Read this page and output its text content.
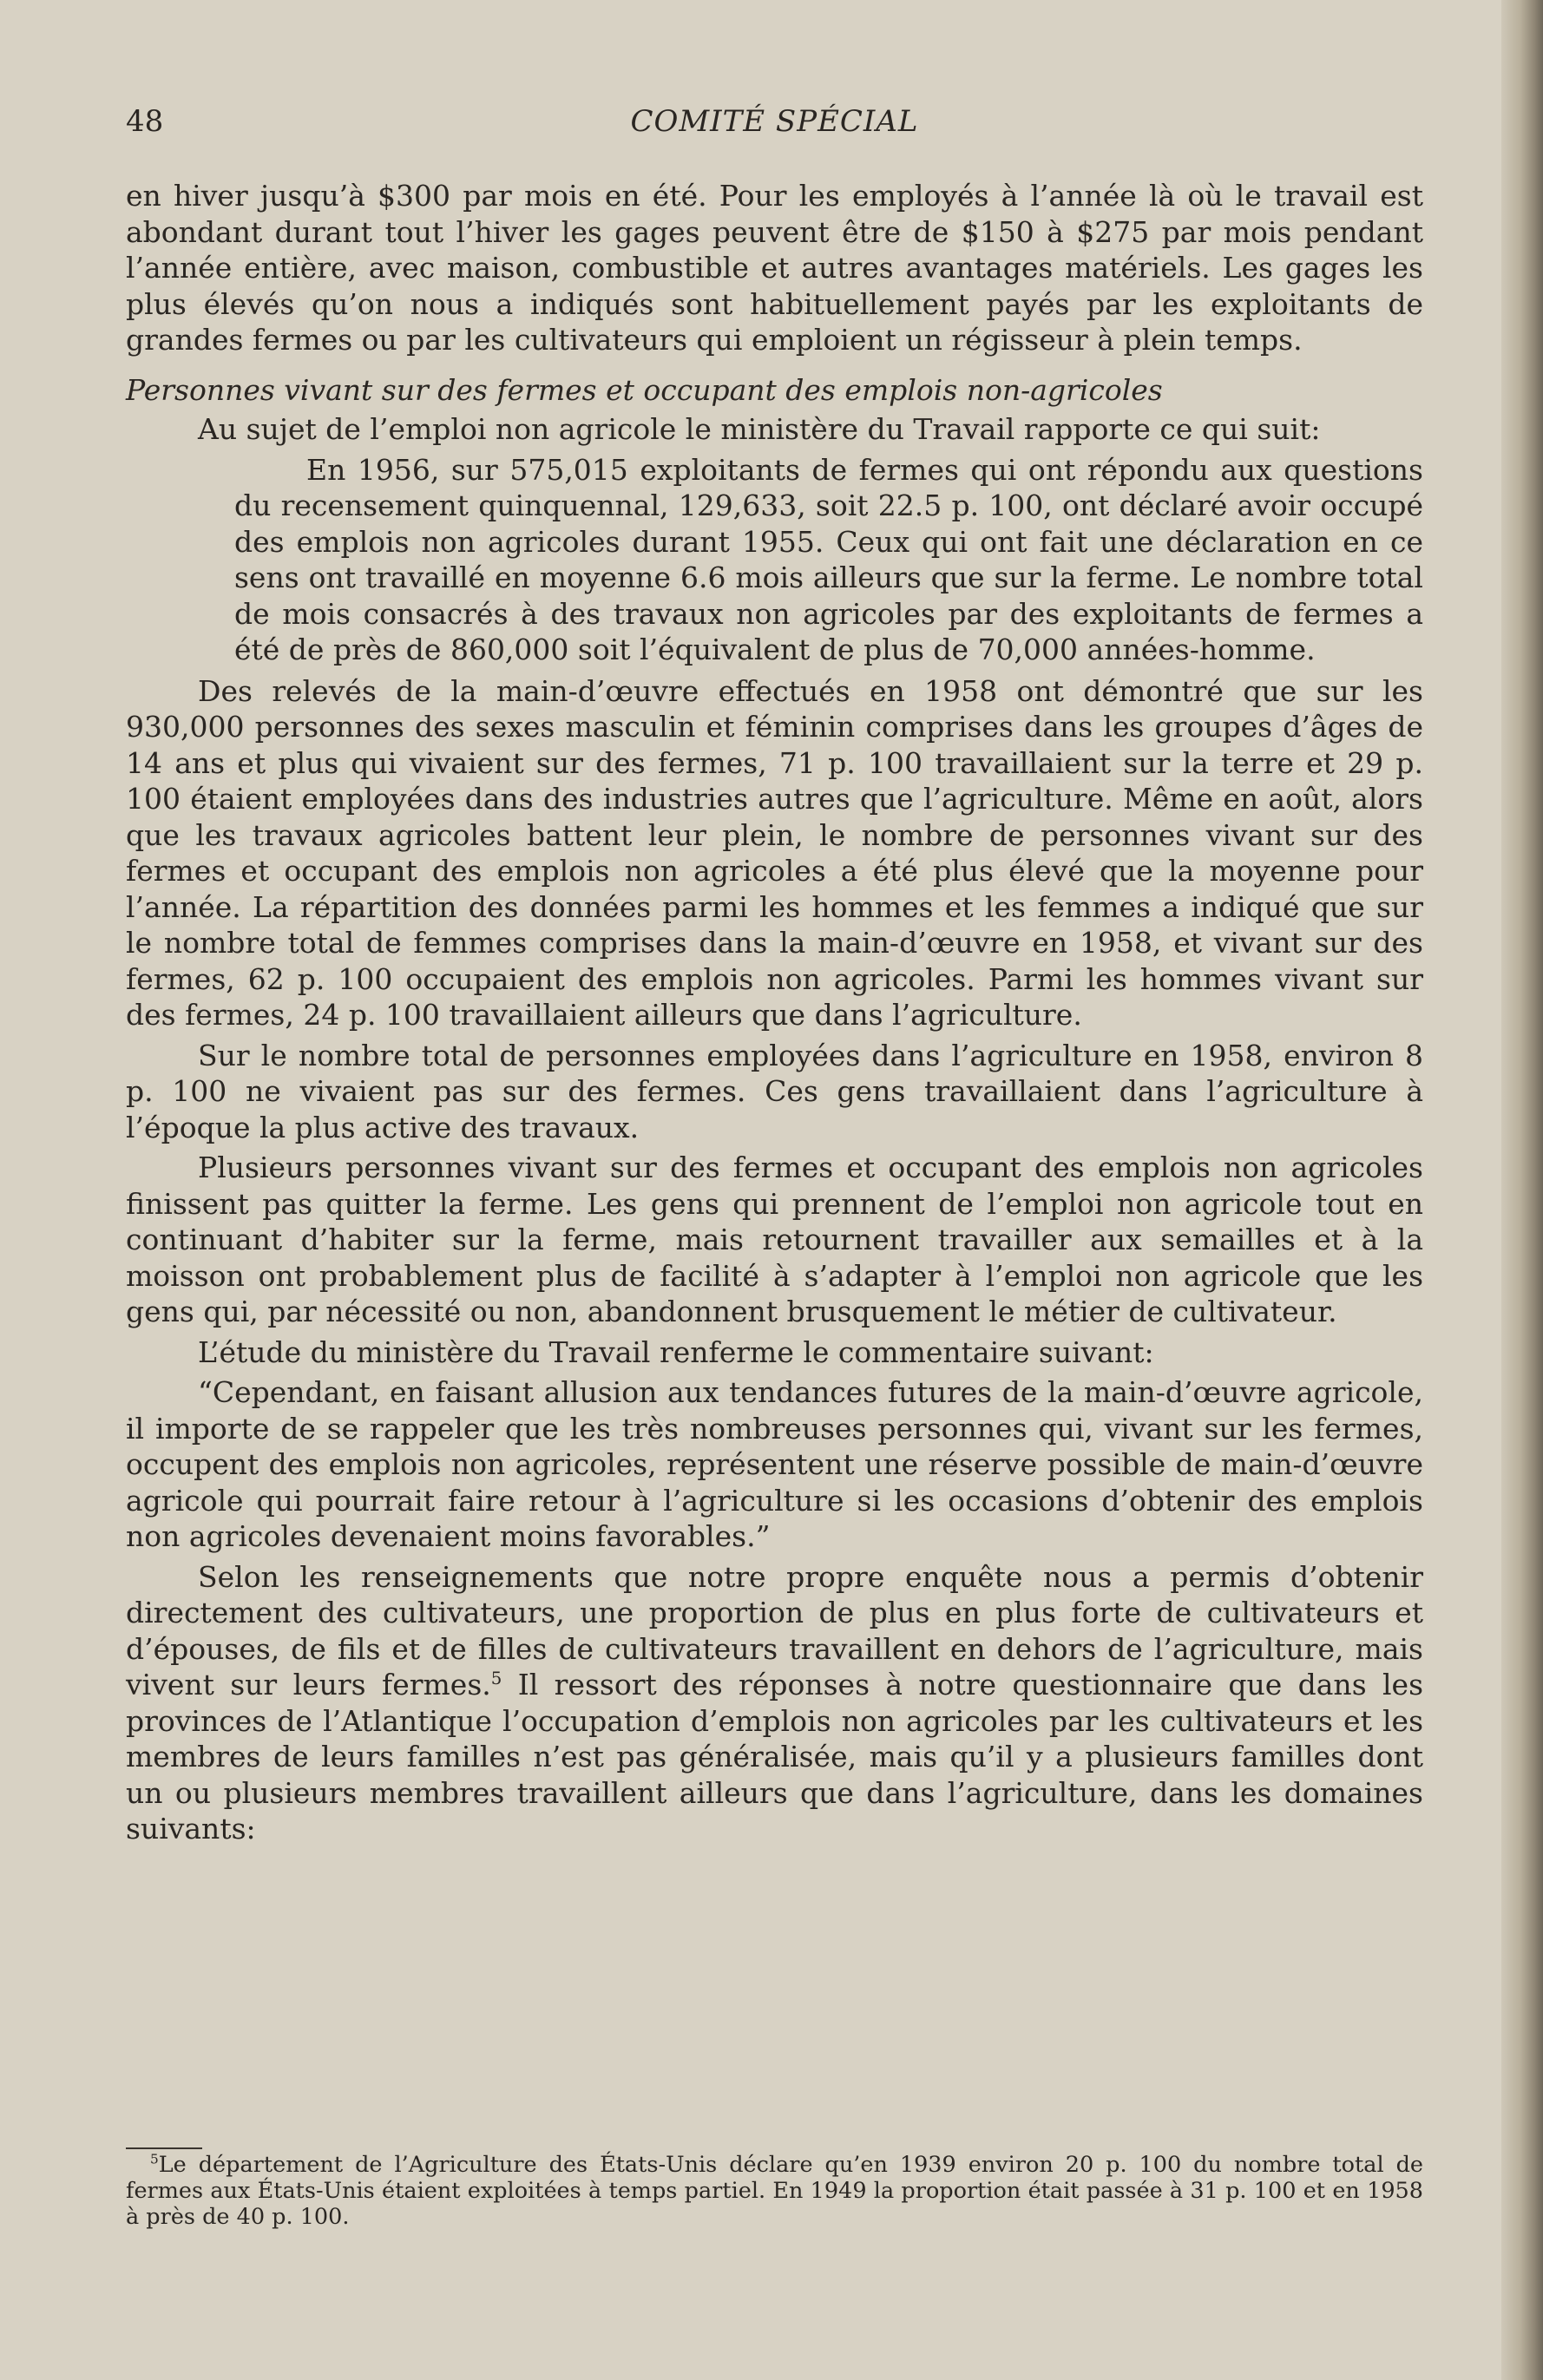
48	COMITÉ SPÉCIAL

en hiver jusqu’à $300 par mois en été. Pour les employés à l’année là où le travail est abondant durant tout l’hiver les gages peuvent être de $150 à $275 par mois pendant l’année entière, avec maison, combustible et autres avantages matériels. Les gages les plus élevés qu’on nous a indiqués sont habituellement payés par les exploitants de grandes fermes ou par les cultivateurs qui emploient un régisseur à plein temps.

Personnes vivant sur des fermes et occupant des emplois non-agricoles

Au sujet de l’emploi non agricole le ministère du Travail rapporte ce qui suit:

En 1956, sur 575,015 exploitants de fermes qui ont répondu aux questions du recensement quinquennal, 129,633, soit 22.5 p. 100, ont déclaré avoir occupé des emplois non agricoles durant 1955. Ceux qui ont fait une déclaration en ce sens ont travaillé en moyenne 6.6 mois ailleurs que sur la ferme. Le nombre total de mois consacrés à des travaux non agricoles par des exploitants de fermes a été de près de 860,000 soit l’équivalent de plus de 70,000 années-homme.

Des relevés de la main-d’œuvre effectués en 1958 ont démontré que sur les 930,000 personnes des sexes masculin et féminin comprises dans les groupes d’âges de 14 ans et plus qui vivaient sur des fermes, 71 p. 100 travaillaient sur la terre et 29 p. 100 étaient employées dans des industries autres que l’agriculture. Même en août, alors que les travaux agricoles battent leur plein, le nombre de personnes vivant sur des fermes et occupant des emplois non agricoles a été plus élevé que la moyenne pour l’année. La répartition des données parmi les hommes et les femmes a indiqué que sur le nombre total de femmes comprises dans la main-d’œuvre en 1958, et vivant sur des fermes, 62 p. 100 occupaient des emplois non agricoles. Parmi les hommes vivant sur des fermes, 24 p. 100 travaillaient ailleurs que dans l’agriculture.

Sur le nombre total de personnes employées dans l’agriculture en 1958, environ 8 p. 100 ne vivaient pas sur des fermes. Ces gens travaillaient dans l’agriculture à l’époque la plus active des travaux.

Plusieurs personnes vivant sur des fermes et occupant des emplois non agricoles finissent pas quitter la ferme. Les gens qui prennent de l’emploi non agricole tout en continuant d’habiter sur la ferme, mais retournent travailler aux semailles et à la moisson ont probablement plus de facilité à s’adapter à l’emploi non agricole que les gens qui, par nécessité ou non, abandonnent brusquement le métier de cultivateur.

L’étude du ministère du Travail renferme le commentaire suivant:

“Cependant, en faisant allusion aux tendances futures de la main-d’œuvre agricole, il importe de se rappeler que les très nombreuses personnes qui, vivant sur les fermes, occupent des emplois non agricoles, représentent une réserve possible de main-d’œuvre agricole qui pourrait faire retour à l’agriculture si les occasions d’obtenir des emplois non agricoles devenaient moins favorables.”

Selon les renseignements que notre propre enquête nous a permis d’obtenir directement des cultivateurs, une proportion de plus en plus forte de cultivateurs et d’épouses, de fils et de filles de cultivateurs travaillent en dehors de l’agriculture, mais vivent sur leurs fermes.$^5$ Il ressort des réponses à notre questionnaire que dans les provinces de l’Atlantique l’occupation d’emplois non agricoles par les cultivateurs et les membres de leurs familles n’est pas généralisée, mais qu’il y a plusieurs familles dont un ou plusieurs membres travaillent ailleurs que dans l’agriculture, dans les domaines suivants:

$^5$Le département de l’Agriculture des États-Unis déclare qu’en 1939 environ 20 p. 100 du nombre total de fermes aux États-Unis étaient exploitées à temps partiel. En 1949 la proportion était passée à 31 p. 100 et en 1958 à près de 40 p. 100.
